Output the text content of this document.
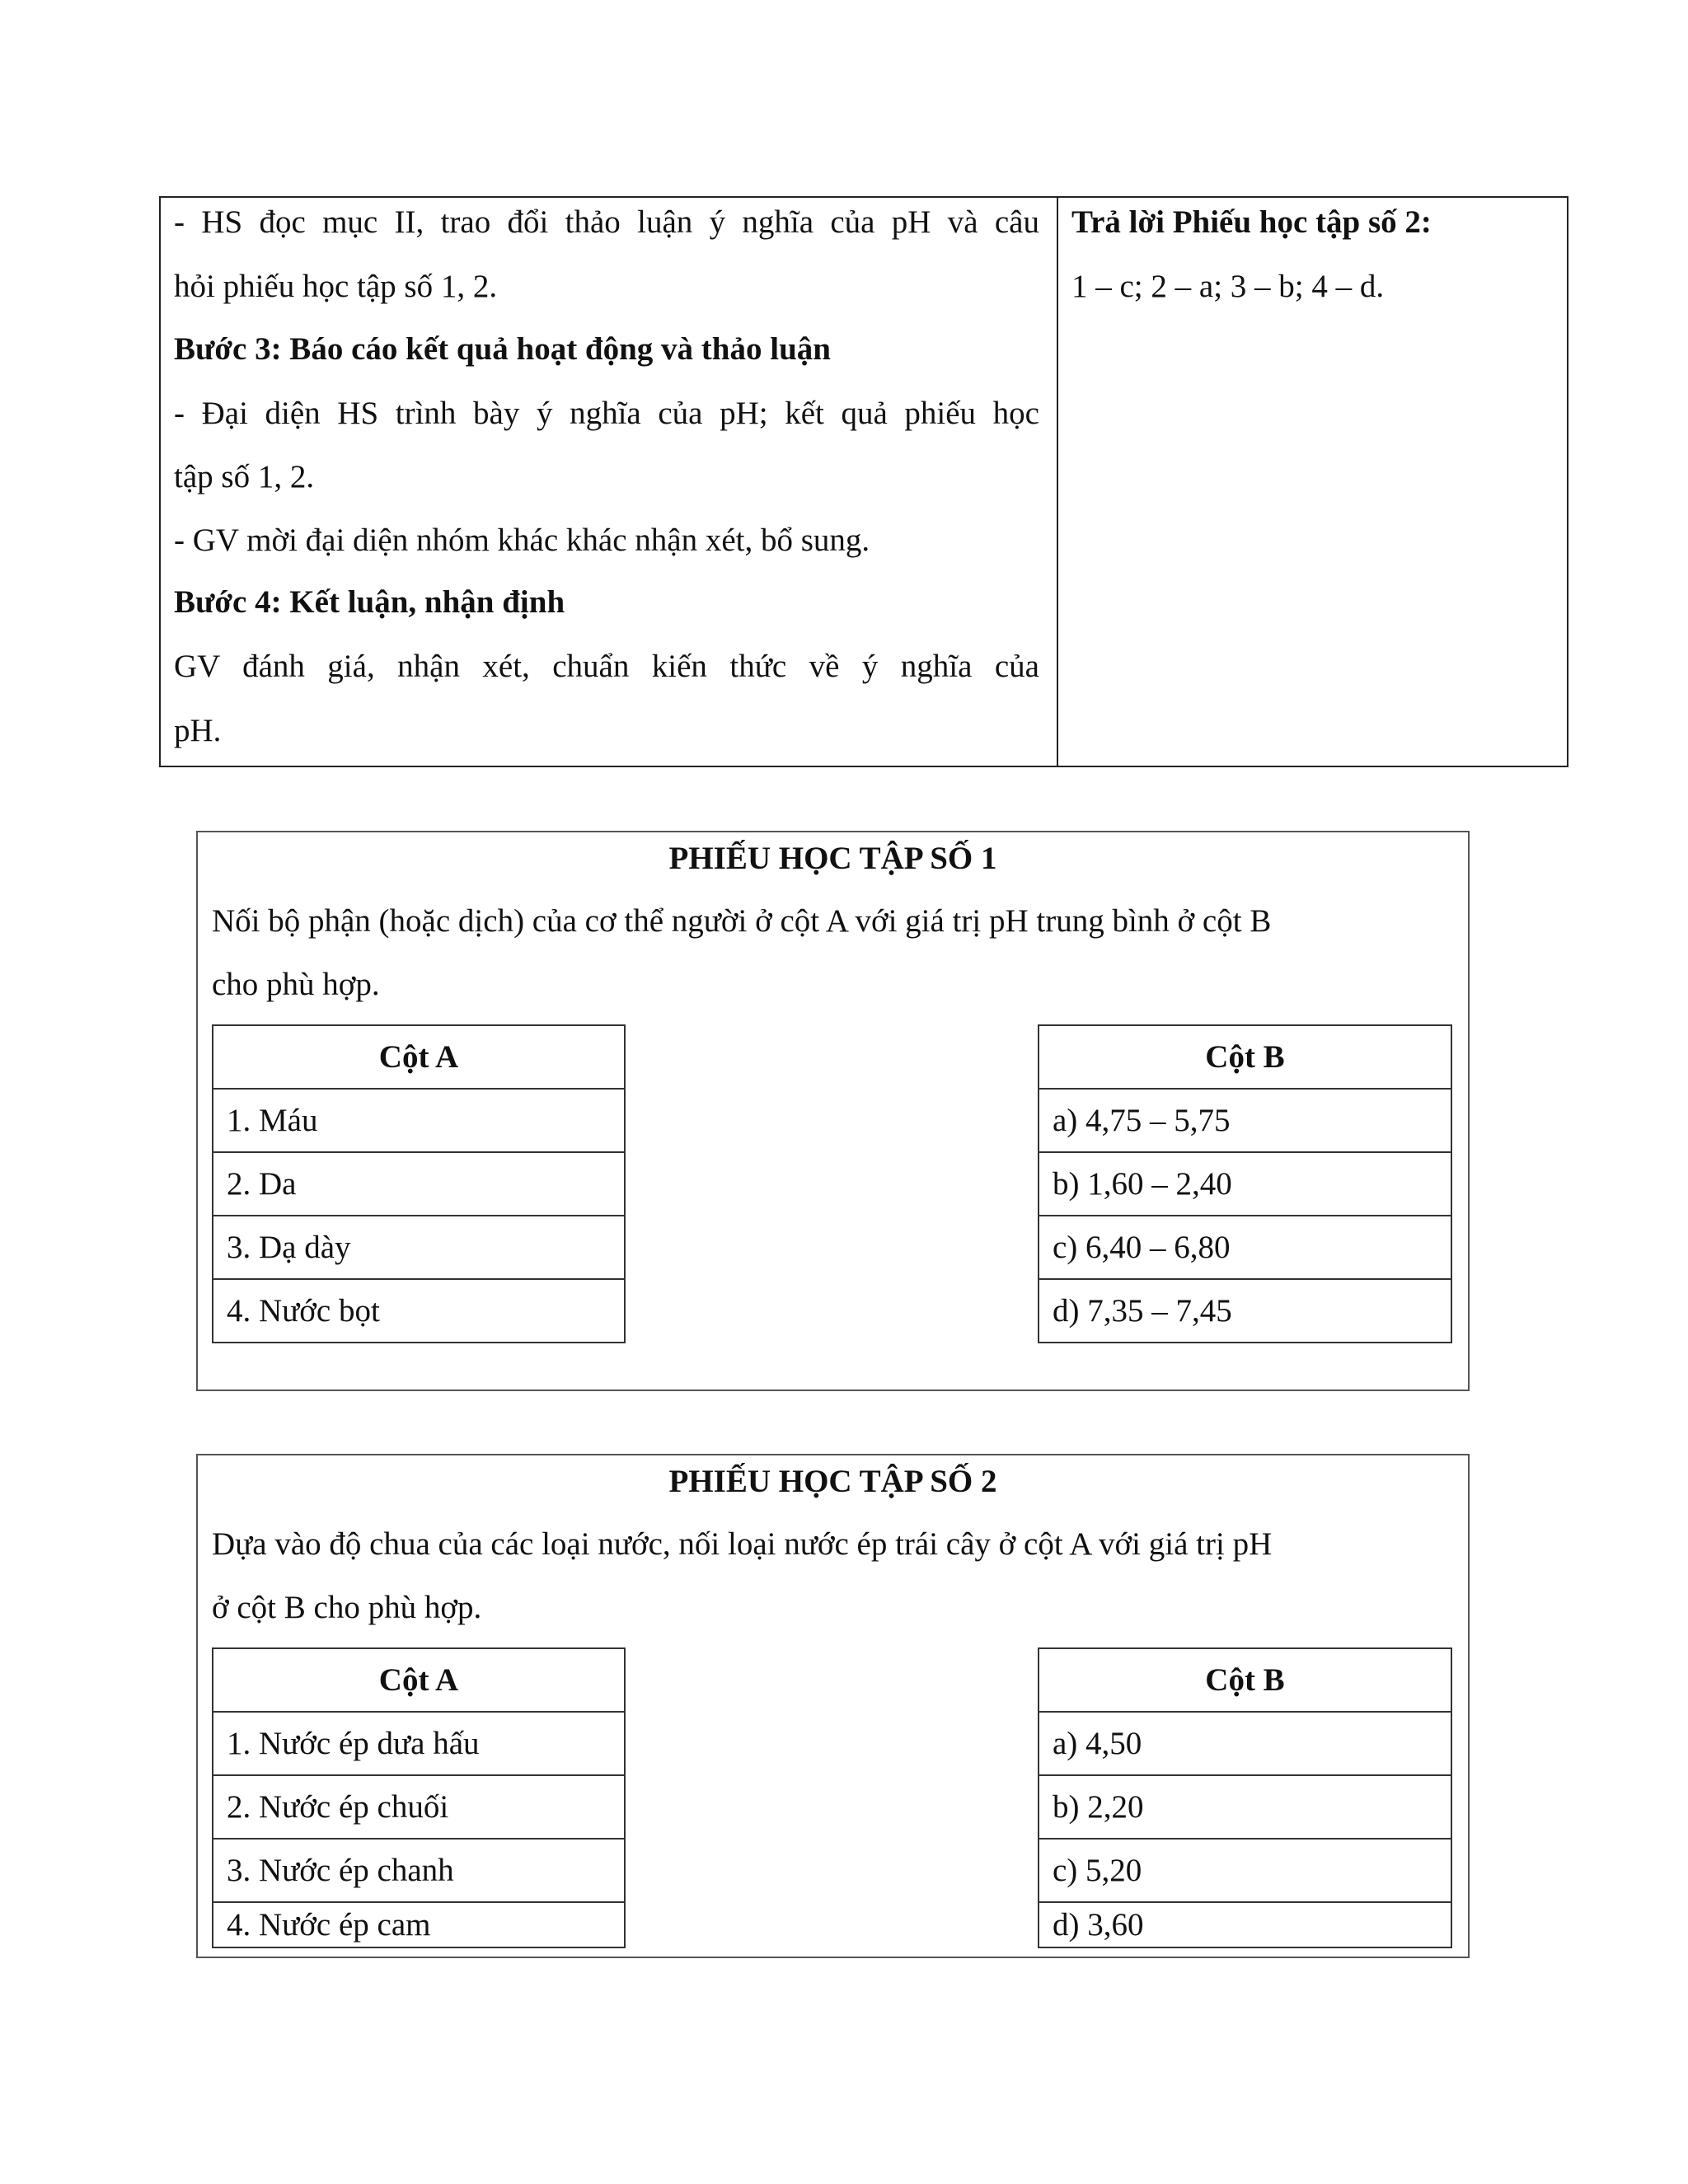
- HS đọc mục II, trao đổi thảo luận ý nghĩa của pH và câu
hỏi phiếu học tập số 1, 2.
Bước 3: Báo cáo kết quả hoạt động và thảo luận
- Đại diện HS trình bày ý nghĩa của pH; kết quả phiếu học
tập số 1, 2.
- GV mời đại diện nhóm khác khác nhận xét, bổ sung.
Bước 4: Kết luận, nhận định
GV đánh giá, nhận xét, chuẩn kiến thức về ý nghĩa của
pH.
Trả lời Phiếu học tập số 2:
1 – c; 2 – a; 3 – b; 4 – d.
PHIẾU HỌC TẬP SỐ 1
Nối bộ phận (hoặc dịch) của cơ thể người ở cột A với giá trị pH trung bình ở cột B
cho phù hợp.
Cột A
1. Máu
2. Da
3. Dạ dày
4. Nước bọt
Cột B
a) 4,75 – 5,75
b) 1,60 – 2,40
c) 6,40 – 6,80
d) 7,35 – 7,45
PHIẾU HỌC TẬP SỐ 2
Dựa vào độ chua của các loại nước, nối loại nước ép trái cây ở cột A với giá trị pH
ở cột B cho phù hợp.
Cột A
1. Nước ép dưa hấu
2. Nước ép chuối
3. Nước ép chanh
4. Nước ép cam
Cột B
a) 4,50
b) 2,20
c) 5,20
d) 3,60
